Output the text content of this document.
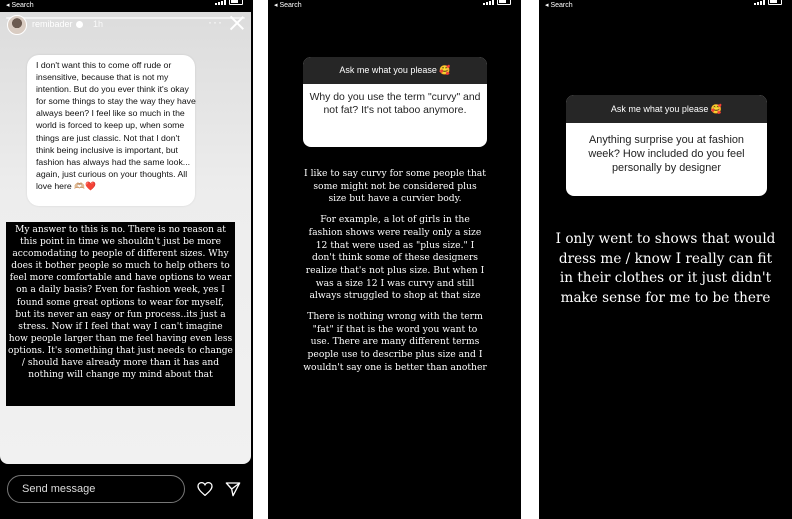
◂ Search
remibader	1h	···
I don't want this to come off rude or insensitive, because that is not my intention. But do you ever think it's okay for some things to stay the way they have always been? I feel like so much in the world is forced to keep up, when some things are just classic. Not that I don't think being inclusive is important, but fashion has always had the same look... again, just curious on your thoughts. All love here 🫶🏼❤️
My answer to this is no. There is no reason at this point in time we shouldn't just be more accomodating to people of different sizes. Why does it bother people so much to help others to feel more comfortable and have options to wear on a daily basis? Even for fashion week, yes I found some great options to wear for myself, but its never an easy or fun process..its just a stress. Now if I feel that way I can't imagine how people larger than me feel having even less options. It's something that just needs to change / should have already more than it has and nothing will change my mind about that
Send message
◂ Search
Ask me what you please 🥰
Why do you use the term "curvy" and not fat? It's not taboo anymore.

I like to say curvy for some people that some might not be considered plus size but have a curvier body.

For example, a lot of girls in the fashion shows were really only a size 12 that were used as "plus size." I don't think some of these designers realize that's not plus size. But when I was a size 12 I was curvy and still always struggled to shop at that size

There is nothing wrong with the term "fat" if that is the word you want to use. There are many different terms people use to describe plus size and I wouldn't say one is better than another

◂ Search
Ask me what you please 🥰
Anything surprise you at fashion week? How included do you feel personally by designer
I only went to shows that would dress me / know I really can fit in their clothes or it just didn't make sense for me to be there
